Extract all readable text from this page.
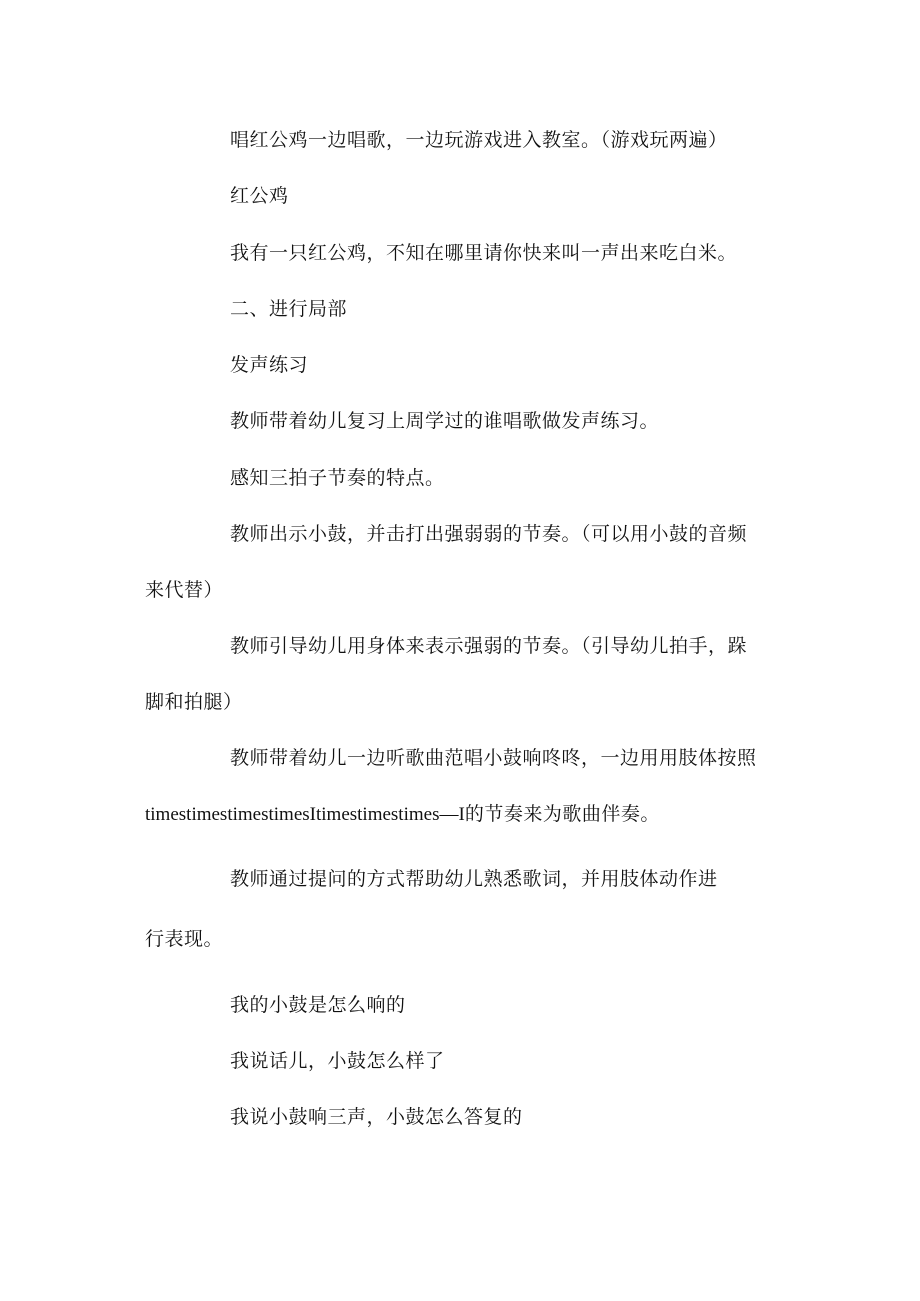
唱红公鸡一边唱歌，一边玩游戏进入教室。（游戏玩两遍）
红公鸡
我有一只红公鸡，不知在哪里请你快来叫一声出来吃白米。
二、进行局部
发声练习
教师带着幼儿复习上周学过的谁唱歌做发声练习。
感知三拍子节奏的特点。
教师出示小鼓，并击打出强弱弱的节奏。（可以用小鼓的音频
来代替）
教师引导幼儿用身体来表示强弱的节奏。（引导幼儿拍手，跺
脚和拍腿）
教师带着幼儿一边听歌曲范唱小鼓响咚咚，一边用用肢体按照
timestimestimestimesItimestimestimes—I的节奏来为歌曲伴奏。
教师通过提问的方式帮助幼儿熟悉歌词，并用肢体动作进
行表现。
我的小鼓是怎么响的
我说话儿，小鼓怎么样了
我说小鼓响三声，小鼓怎么答复的
